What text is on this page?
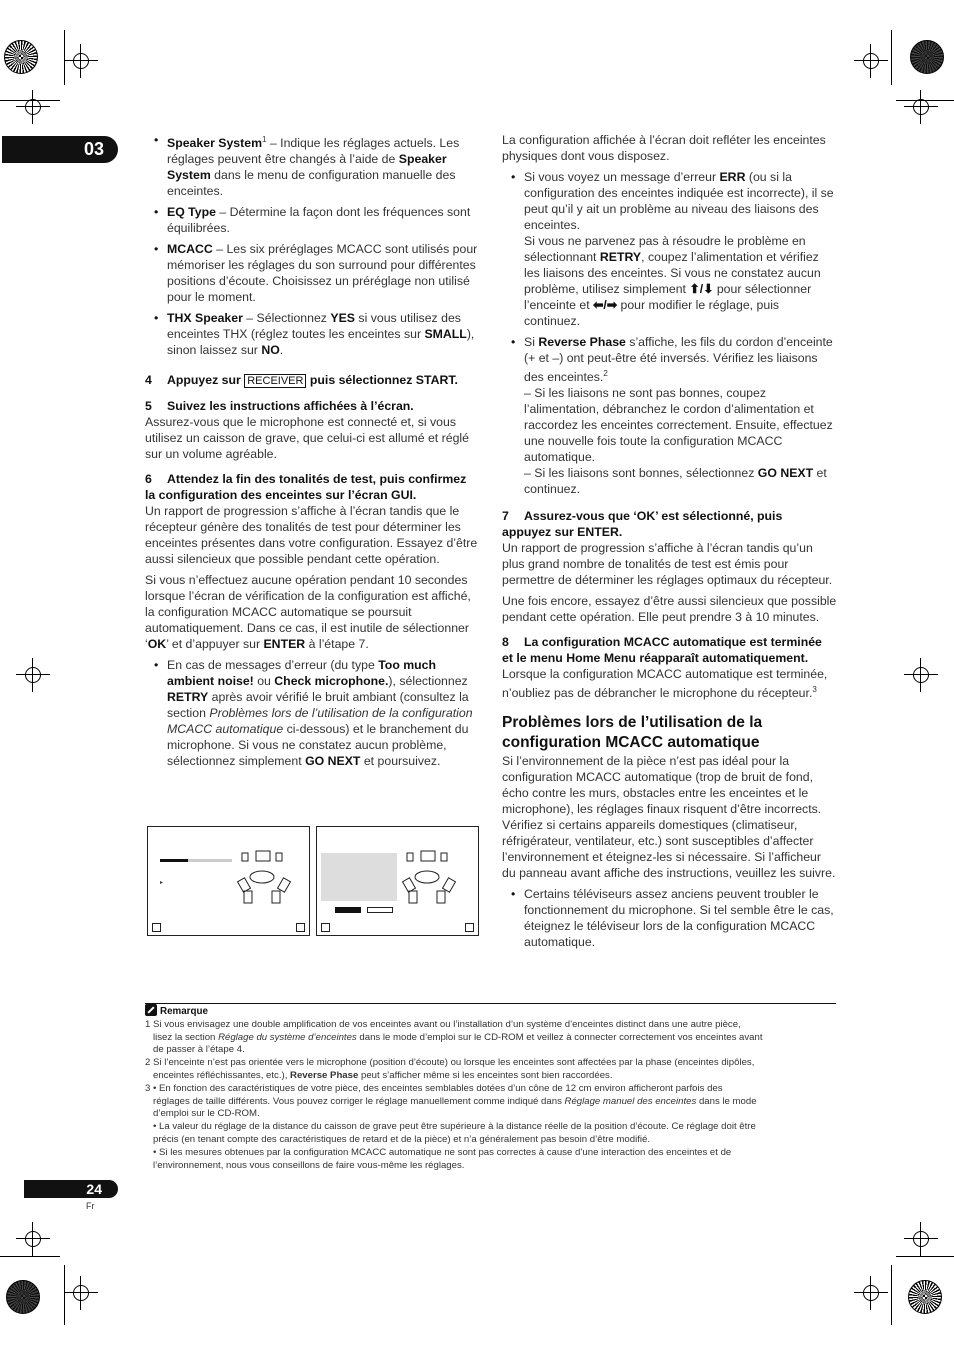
03

•	Speaker System$^1$ – Indique les réglages actuels. Les réglages peuvent être changés à l’aide de Speaker System dans le menu de configuration manuelle des enceintes.

• EQ Type – Détermine la façon dont les fréquences sont équilibrées.

• MCACC – Les six préréglages MCACC sont utilisés pour mémoriser les réglages du son surround pour différentes positions d’écoute. Choisissez un préréglage non utilisé pour le moment.

• THX Speaker – Sélectionnez YES si vous utilisez des enceintes THX (réglez toutes les enceintes sur SMALL), sinon laissez sur NO.

4 Appuyez sur RECEIVER puis sélectionnez START.

5 Suivez les instructions affichées à l’écran.

Assurez-vous que le microphone est connecté et, si vous utilisez un caisson de grave, que celui-ci est allumé et réglé sur un volume agréable.

6 Attendez la fin des tonalités de test, puis confirmez
la configuration des enceintes sur l’écran GUI.

Un rapport de progression s’affiche à l’écran tandis que le récepteur génère des tonalités de test pour déterminer les enceintes présentes dans votre configuration. Essayez d’être aussi silencieux que possible pendant cette opération.

Si vous n’effectuez aucune opération pendant 10 secondes lorsque l’écran de vérification de la configuration est affiché, la configuration MCACC automatique se poursuit automatiquement. Dans ce cas, il est inutile de sélectionner ‘OK’ et d’appuyer sur ENTER à l’étape 7.

• En cas de messages d’erreur (du type Too much ambient noise! ou Check microphone.), sélectionnez RETRY après avoir vérifié le bruit ambiant (consultez la section Problèmes lors de l’utilisation de la configuration MCACC automatique ci-dessous) et le branchement du microphone. Si vous ne constatez aucun problème, sélectionnez simplement GO NEXT et poursuivez.

▸

La configuration affichée à l’écran doit refléter les enceintes physiques dont vous disposez.

• Si vous voyez un message d’erreur ERR (ou si la configuration des enceintes indiquée est incorrecte), il se peut qu’il y ait un problème au niveau des liaisons des enceintes.
Si vous ne parvenez pas à résoudre le problème en sélectionnant RETRY, coupez l’alimentation et vérifiez les liaisons des enceintes. Si vous ne constatez aucun problème, utilisez simplement ⬆/⬇ pour sélectionner l’enceinte et ⬅/➡ pour modifier le réglage, puis continuez.

• Si Reverse Phase s’affiche, les fils du cordon d’enceinte (+ et –) ont peut-être été inversés. Vérifiez les liaisons des enceintes.$^2$
– Si les liaisons ne sont pas bonnes, coupez l’alimentation, débranchez le cordon d’alimentation et raccordez les enceintes correctement. Ensuite, effectuez une nouvelle fois toute la configuration MCACC automatique.
– Si les liaisons sont bonnes, sélectionnez GO NEXT et continuez.

7 Assurez-vous que ‘OK’ est sélectionné, puis
appuyez sur ENTER.

Un rapport de progression s’affiche à l’écran tandis qu’un plus grand nombre de tonalités de test est émis pour permettre de déterminer les réglages optimaux du récepteur.

Une fois encore, essayez d’être aussi silencieux que possible pendant cette opération. Elle peut prendre 3 à 10 minutes.

8 La configuration MCACC automatique est terminée
et le menu Home Menu réapparaît automatiquement.

Lorsque la configuration MCACC automatique est terminée, n’oubliez pas de débrancher le microphone du récepteur.$^3$

Problèmes lors de l’utilisation de la
configuration MCACC automatique

Si l’environnement de la pièce n’est pas idéal pour la configuration MCACC automatique (trop de bruit de fond, écho contre les murs, obstacles entre les enceintes et le microphone), les réglages finaux risquent d’être incorrects. Vérifiez si certains appareils domestiques (climatiseur, réfrigérateur, ventilateur, etc.) sont susceptibles d’affecter l’environnement et éteignez-les si nécessaire. Si l’afficheur du panneau avant affiche des instructions, veuillez les suivre.

• Certains téléviseurs assez anciens peuvent troubler le fonctionnement du microphone. Si tel semble être le cas, éteignez le téléviseur lors de la configuration MCACC automatique.

Remarque

1 Si vous envisagez une double amplification de vos enceintes avant ou l’installation d’un système d’enceintes distinct dans une autre pièce,
lisez la section Réglage du système d’enceintes dans le mode d’emploi sur le CD-ROM et veillez à connecter correctement vos enceintes avant
de passer à l’étape 4.

2 Si l’enceinte n’est pas orientée vers le microphone (position d’écoute) ou lorsque les enceintes sont affectées par la phase (enceintes dipôles,
enceintes réfléchissantes, etc.), Reverse Phase peut s’afficher même si les enceintes sont bien raccordées.

3 • En fonction des caractéristiques de votre pièce, des enceintes semblables dotées d’un cône de 12 cm environ afficheront parfois des
réglages de taille différents. Vous pouvez corriger le réglage manuellement comme indiqué dans Réglage manuel des enceintes dans le mode
d’emploi sur le CD-ROM.
• La valeur du réglage de la distance du caisson de grave peut être supérieure à la distance réelle de la position d’écoute. Ce réglage doit être
précis (en tenant compte des caractéristiques de retard et de la pièce) et n’a généralement pas besoin d’être modifié.
• Si les mesures obtenues par la configuration MCACC automatique ne sont pas correctes à cause d’une interaction des enceintes et de
l’environnement, nous vous conseillons de faire vous-même les réglages.

24
Fr
